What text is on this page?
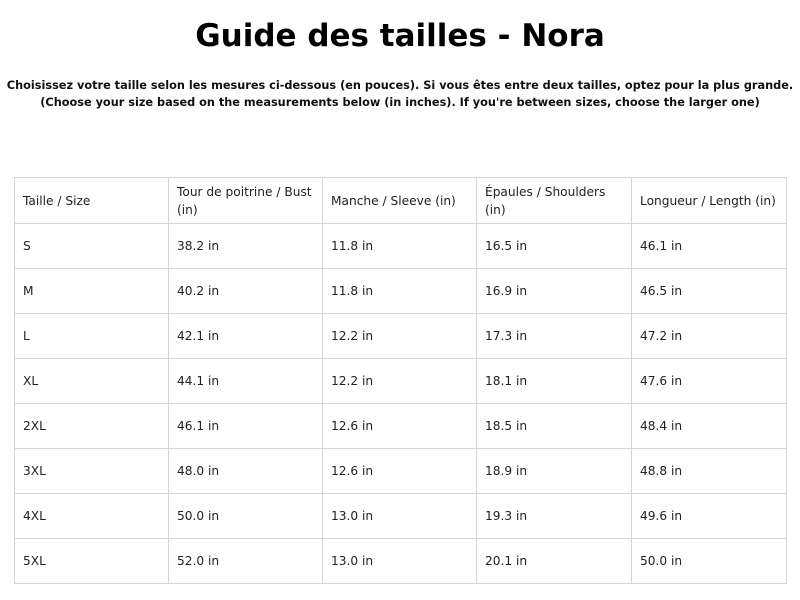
Guide des tailles - Nora
Choisissez votre taille selon les mesures ci-dessous (en pouces). Si vous êtes entre deux tailles, optez pour la plus grande.
(Choose your size based on the measurements below (in inches). If you're between sizes, choose the larger one)
Taille / Size	Tour de poitrine / Bust (in)	Manche / Sleeve (in)	Épaules / Shoulders (in)	Longueur / Length (in)
S	38.2 in	11.8 in	16.5 in	46.1 in
M	40.2 in	11.8 in	16.9 in	46.5 in
L	42.1 in	12.2 in	17.3 in	47.2 in
XL	44.1 in	12.2 in	18.1 in	47.6 in
2XL	46.1 in	12.6 in	18.5 in	48.4 in
3XL	48.0 in	12.6 in	18.9 in	48.8 in
4XL	50.0 in	13.0 in	19.3 in	49.6 in
5XL	52.0 in	13.0 in	20.1 in	50.0 in
